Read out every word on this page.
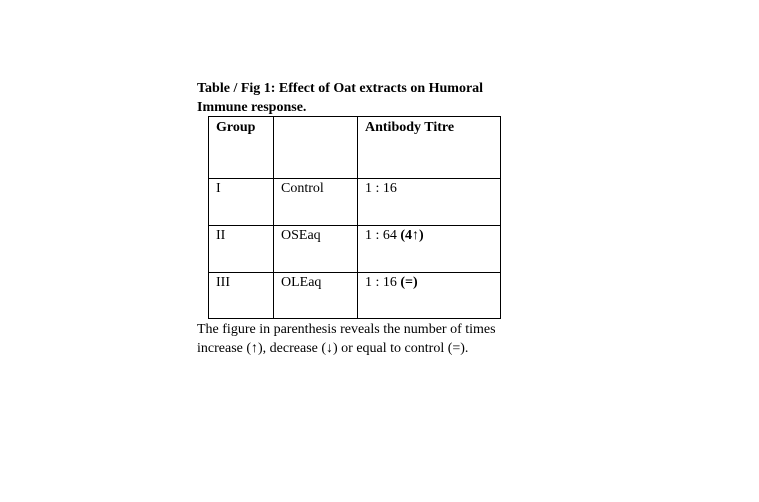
Table / Fig 1: Effect of Oat extracts on Humoral
Immune response.
Group		Antibody Titre
I	Control	1 : 16
II	OSEaq	1 : 64 (4↑)
III	OLEaq	1 : 16 (=)
The figure in parenthesis reveals the number of times
increase (↑), decrease (↓) or equal to control (=).
